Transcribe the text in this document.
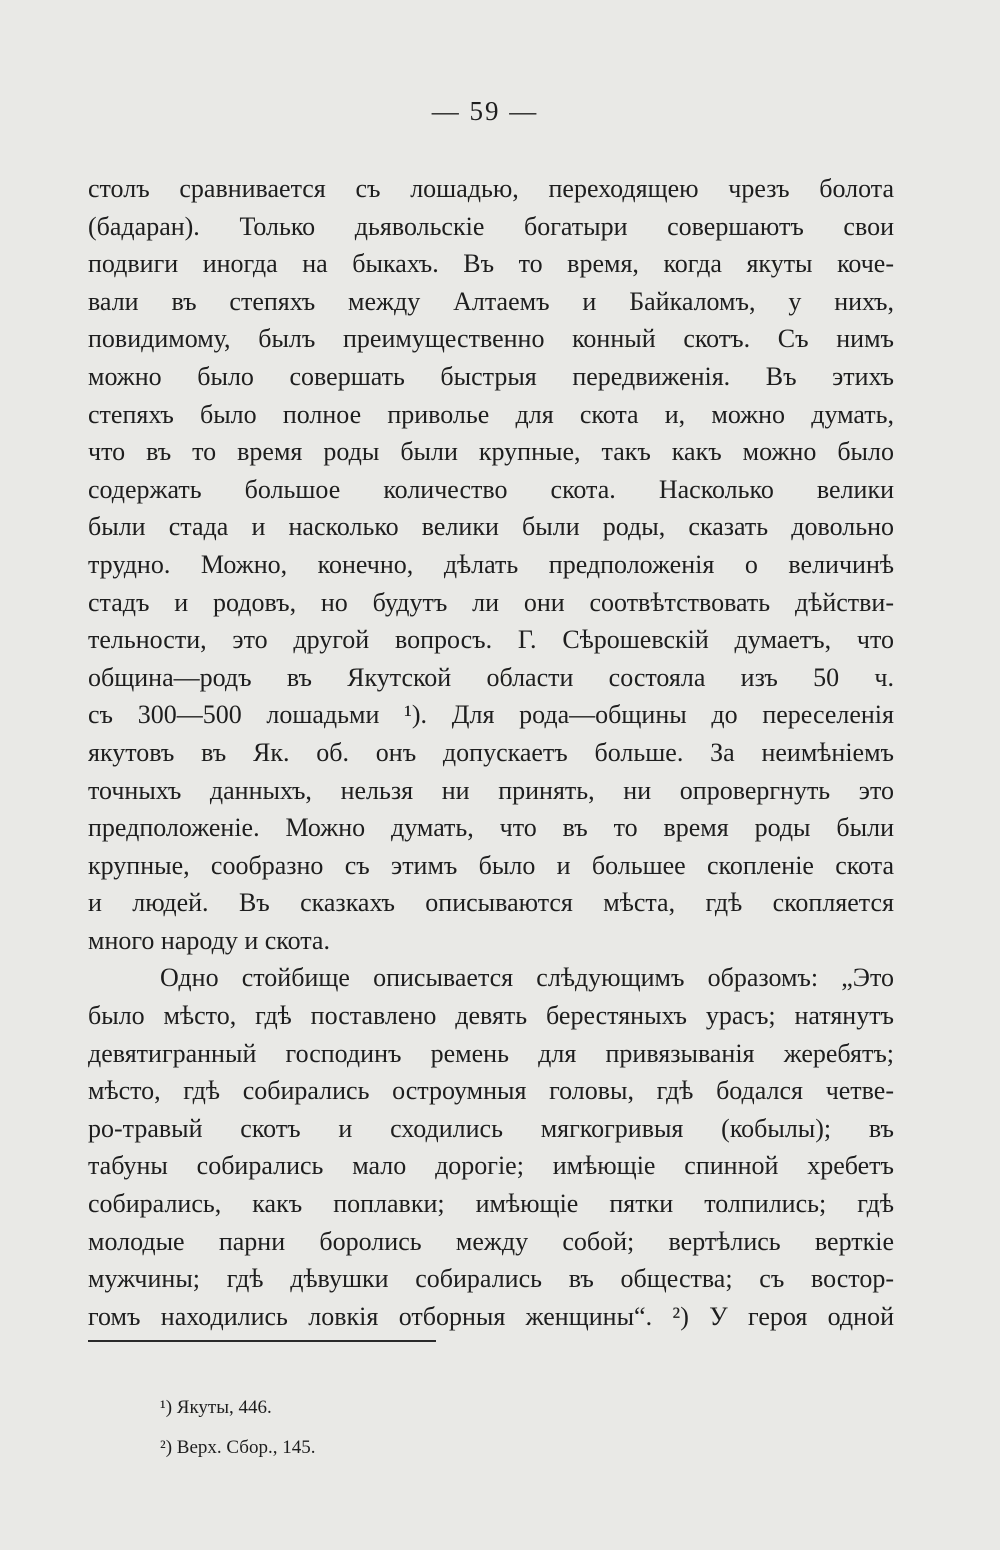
— 59 —
столъ сравнивается съ лошадью, переходящею чрезъ болота
(бадаран). Только дьявольскіе богатыри совершаютъ свои
подвиги иногда на быкахъ. Въ то время, когда якуты коче-
вали въ степяхъ между Алтаемъ и Байкаломъ, у нихъ,
повидимому, былъ преимущественно конный скотъ. Съ нимъ
можно было совершать быстрыя передвиженія. Въ этихъ
степяхъ было полное приволье для скота и, можно думать,
что въ то время роды были крупные, такъ какъ можно было
содержать большое количество скота. Насколько велики
были стада и насколько велики были роды, сказать довольно
трудно. Можно, конечно, дѣлать предположенія о величинѣ
стадъ и родовъ, но будутъ ли они соотвѣтствовать дѣйстви-
тельности, это другой вопросъ. Г. Сѣрошевскій думаетъ, что
община—родъ въ Якутской области состояла изъ 50 ч.
съ 300—500 лошадьми ¹). Для рода—общины до переселенія
якутовъ въ Як. об. онъ допускаетъ больше. За неимѣніемъ
точныхъ данныхъ, нельзя ни принять, ни опровергнуть это
предположеніе. Можно думать, что въ то время роды были
крупные, сообразно съ этимъ было и большее скопленіе скота
и людей. Въ сказкахъ описываются мѣста, гдѣ скопляется
много народу и скота.
Одно стойбище описывается слѣдующимъ образомъ: „Это
было мѣсто, гдѣ поставлено девять берестяныхъ урасъ; натянутъ
девятигранный господинъ ремень для привязыванія жеребятъ;
мѣсто, гдѣ собирались остроумныя головы, гдѣ бодался четве-
ро-травый скотъ и сходились мягкогривыя (кобылы); въ
табуны собирались мало дорогіе; имѣющіе спинной хребетъ
собирались, какъ поплавки; имѣющіе пятки толпились; гдѣ
молодые парни боролись между собой; вертѣлись верткіе
мужчины; гдѣ дѣвушки собирались въ общества; съ востор-
гомъ находились ловкія отборныя женщины“. ²) У героя одной
¹) Якуты, 446.
²) Верх. Сбор., 145.
